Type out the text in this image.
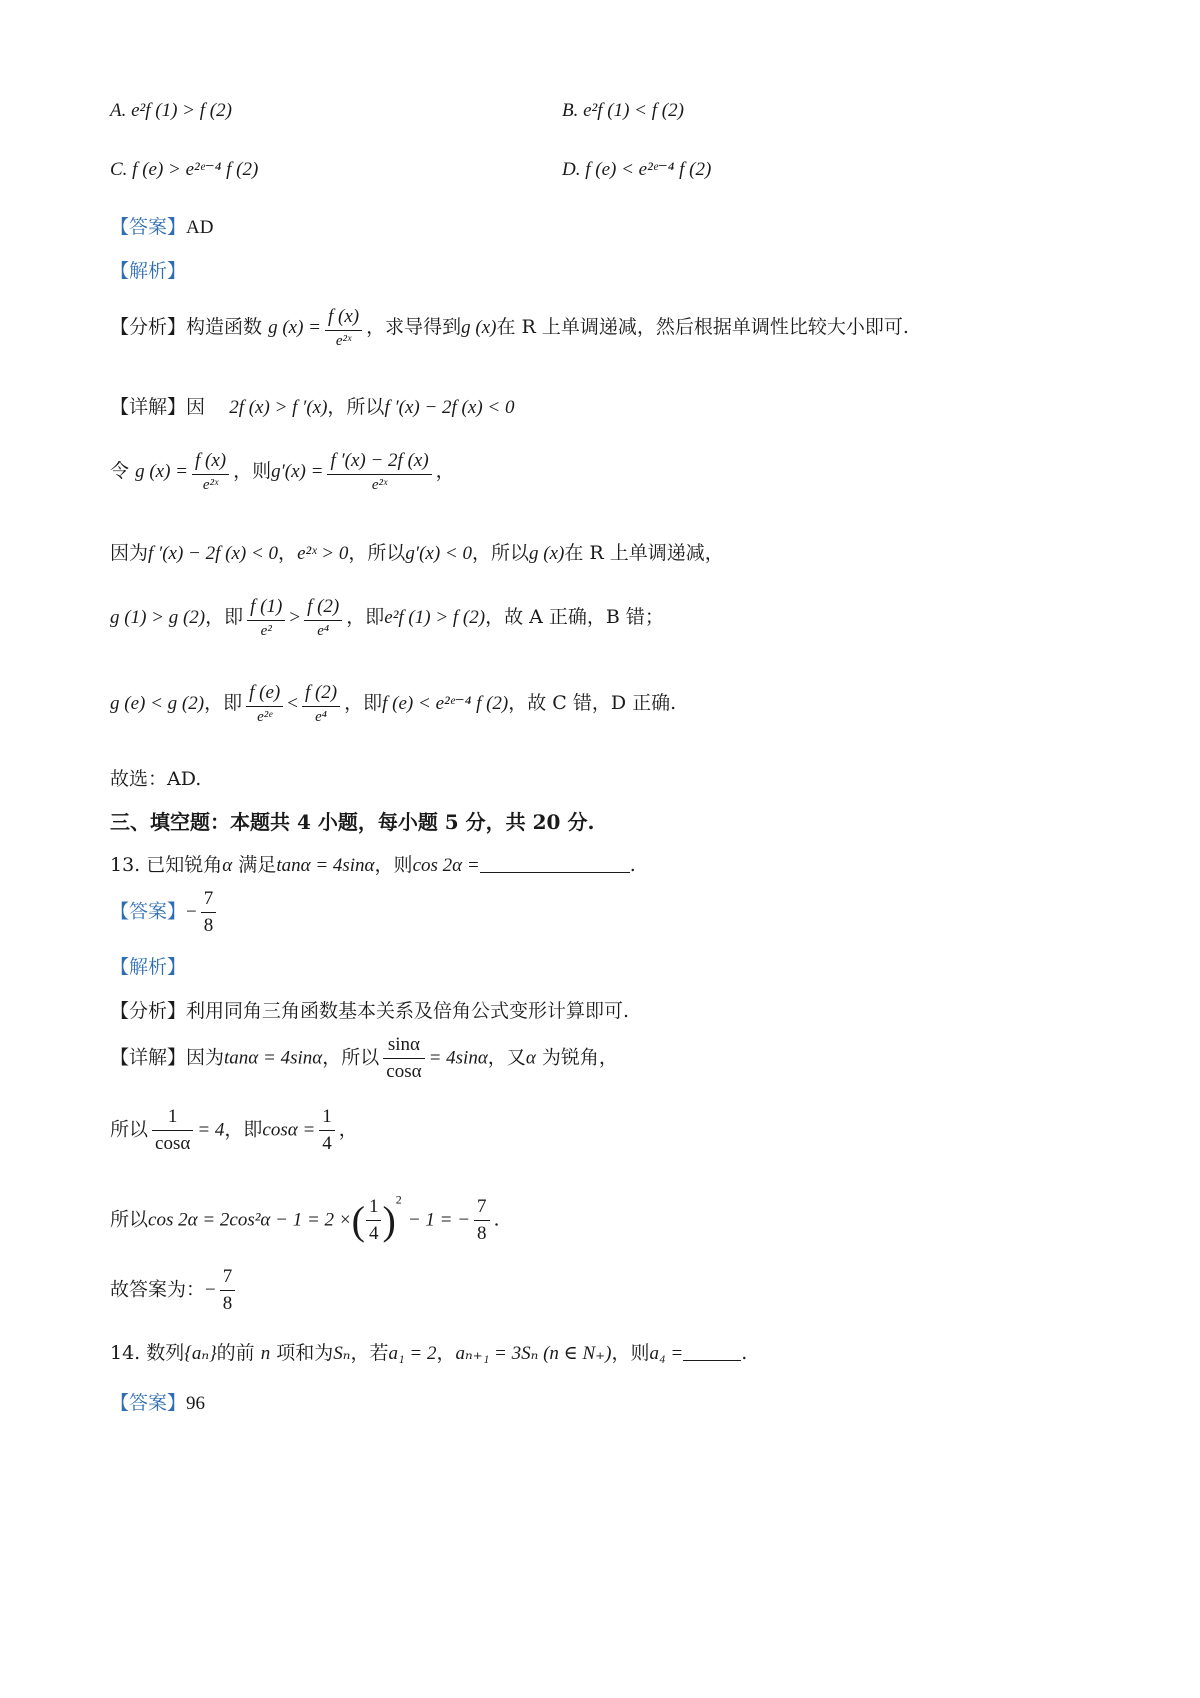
A. e²f (1) > f (2)	B. e²f (1) < f (2)
C. f (e) > e²ᵉ⁻⁴ f (2)	D. f (e) < e²ᵉ⁻⁴ f (2)
【答案】AD
【解析】
【分析】构造函数 g $(x) = \frac{f (x)}{\text{e²ˣ}}$ ，求导得到g (x)在 R 上单调递减，然后根据单调性比较大小即可.
【详解】因 2f (x) > f ′(x)，所以f ′(x) − 2f (x) < 0
令 g $(x) = \frac{f (x)}{\text{e²ˣ}}$ ，则$g'(x) = \frac{f '(x) - 2f (x)}{\text{e²ˣ}}$ ，
因为f ′(x) − 2f (x) < 0，e²ˣ > 0，所以g′(x) < 0，所以g (x)在 R 上单调递减，
g (1) > g (2)，即 $\frac{f (1)}{\text{e²}} > \frac{f (2)}{\text{e⁴}}$ ，即e²f (1) > f (2)，故 A 正确，B 错；
g (e) < g (2)，即 $\frac{f (e)}{\text{e²ᵉ}} < \frac{f (2)}{\text{e⁴}}$ ，即f (e) < e²ᵉ⁻⁴ f (2)，故 C 错，D 正确.
故选：AD.
三、填空题：本题共 4 小题，每小题 5 分，共 20 分.
13. 已知锐角α 满足tanα = 4sinα，则cos 2α =	.
【答案】− $\frac{7}{8}$
【解析】
【分析】利用同角三角函数基本关系及倍角公式变形计算即可.
【详解】因为tanα = 4sinα，所以 $\frac{\sin\alpha}{\cos\alpha} = 4\sin\alpha$，又α 为锐角，
所以 $\frac{1}{\cos\alpha} = 4$，即$\cos\alpha = \frac{1}{4}$ ，
所以cos 2α = 2cos²α − 1 = 2 ×( $\frac{1}{4} )^2 - 1$ = − $\frac{7}{8}$ .
故答案为：− $\frac{7}{8}$
14. 数列{aₙ}的前 n 项和为Sₙ，若a₁ = 2，aₙ₊₁ = 3Sₙ (n ∈ N₊)，则a₄ =	.
【答案】96
